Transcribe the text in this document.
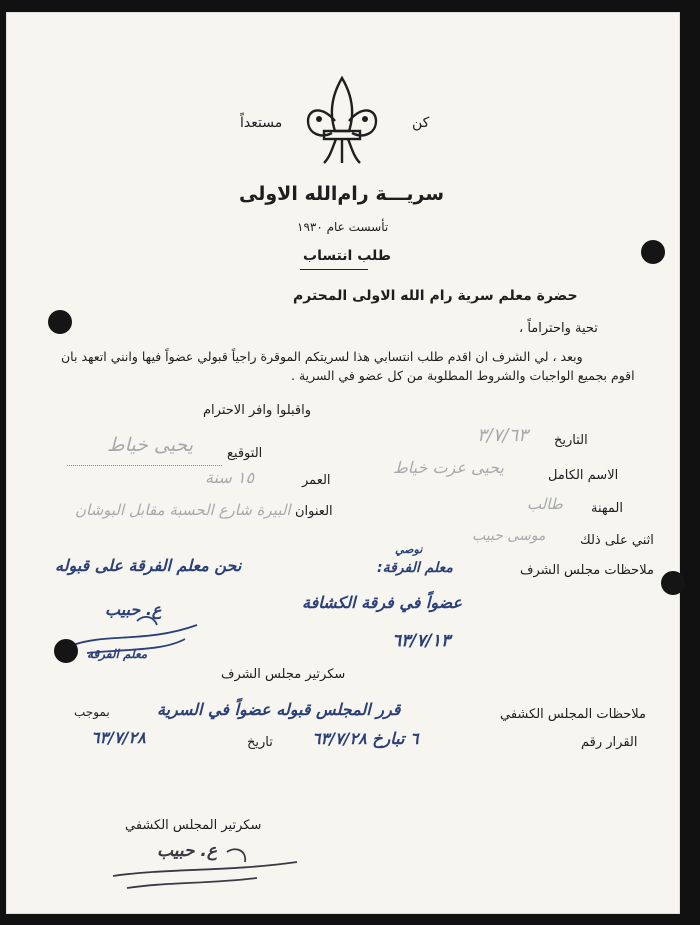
كن
مستعداً
سريـــة رام‌الله الاولى
تأسست عام ١٩٣٠
طلب انتساب
حضرة معلم سرية رام الله الاولى المحترم
تحية واحتراماً ،
وبعد ، لي الشرف ان اقدم طلب انتسابي هذا لسريتكم الموقرة راجياً قبولي عضواً فيها وانني اتعهد بان
اقوم بجميع الواجبات والشروط المطلوبة من كل عضو في السرية .
واقبلوا وافر الاحترام
التوقيع
يحيى خياط	التاريخ
٣/٧/٦٣
الاسم الكامل
يحيى عزت خياط
العمر
١٥ سنة
المهنة
طالب
العنوان
البيرة شارع الحسبة مقابل البوشان
اثني على ذلك
موسى حبيب
ملاحظات مجلس الشرف
نوصي
معلم الفرقة:
نحن معلم الفرقة على قبوله
عضواً في فرقة الكشافة
٦٣/٧/١٣
ع. حبيب
معلم الفرقة
سكرتير مجلس الشرف
ملاحظات المجلس الكشفي
قرر المجلس قبوله عضواً في السرية
بموجب
القرار رقم
٦ تبارخ ٦٣/٧/٢٨
تاريخ
٦٣/٧/٢٨
سكرتير المجلس الكشفي
ع. حبيب
